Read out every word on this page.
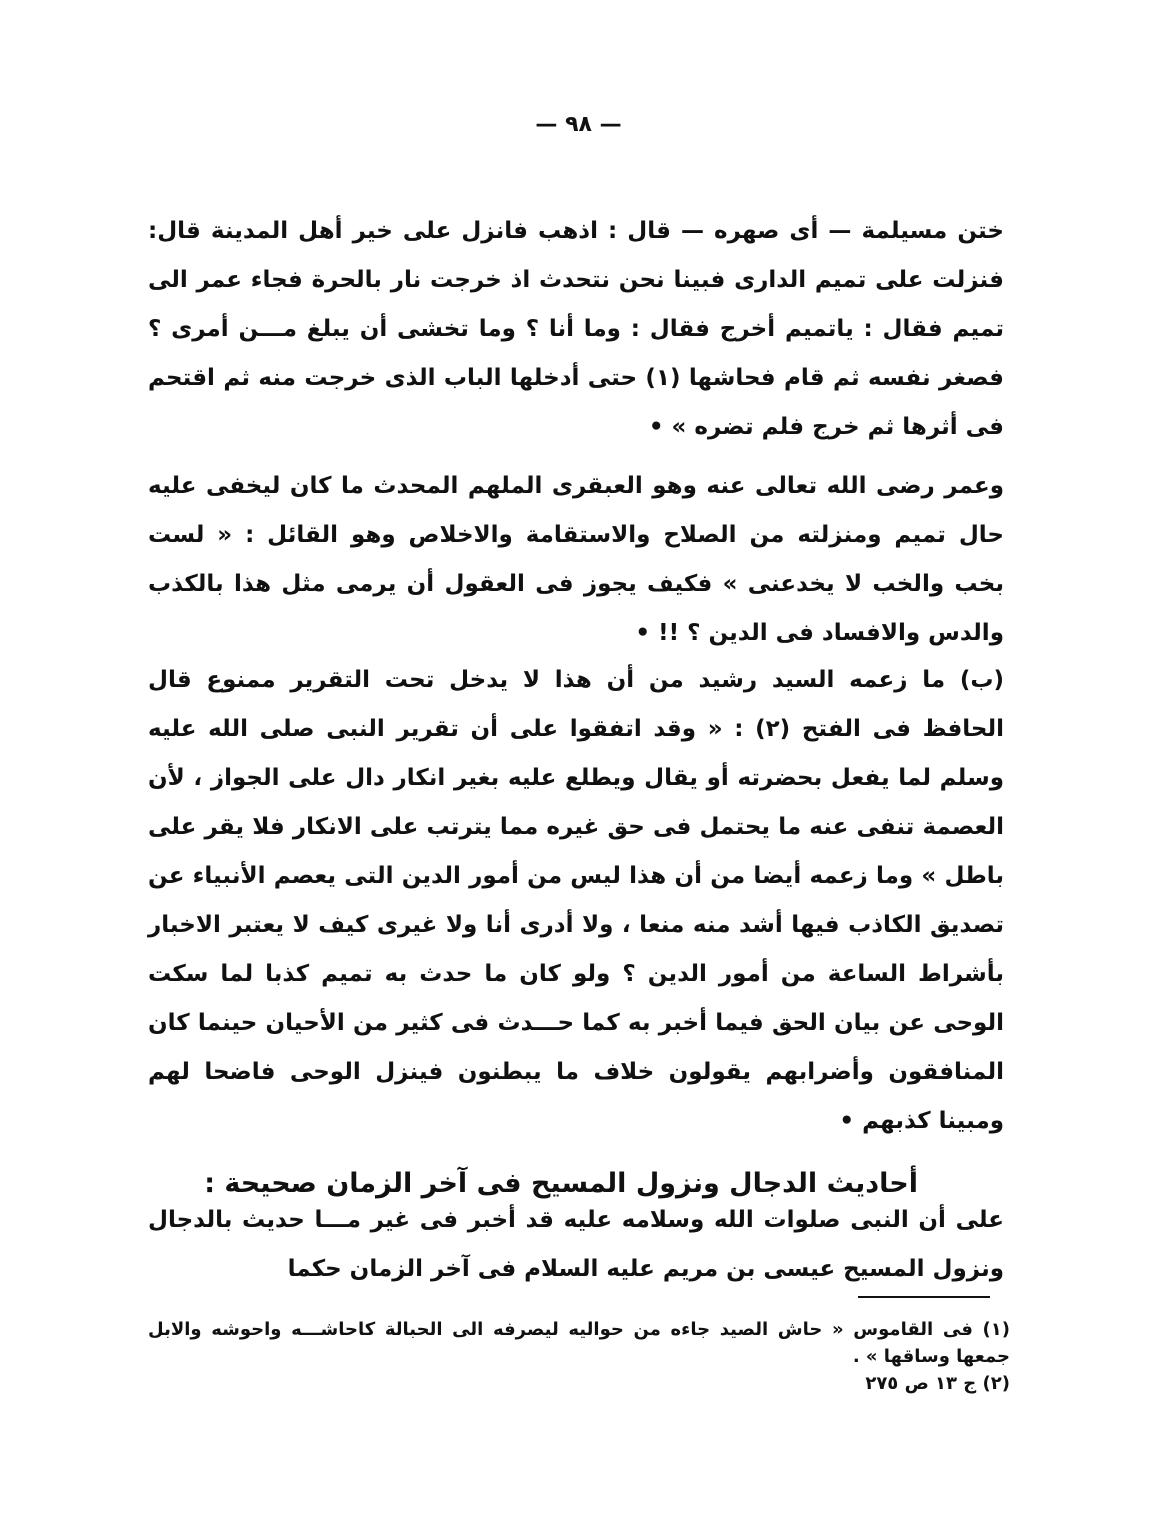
— ٩٨ —

ختن مسيلمة — أى صهره — قال : اذهب فانزل على خير أهل المدينة قال: فنزلت على تميم الدارى فبينا نحن نتحدث اذ خرجت نار بالحرة فجاء عمر الى تميم فقال : ياتميم أخرج فقال : وما أنا ؟ وما تخشى أن يبلغ مـــن أمرى ؟ فصغر نفسه ثم قام فحاشها (١) حتى أدخلها الباب الذى خرجت منه ثم اقتحم فى أثرها ثم خرج فلم تضره » •

وعمر رضى الله تعالى عنه وهو العبقرى الملهم المحدث ما كان ليخفى عليه حال تميم ومنزلته من الصلاح والاستقامة والاخلاص وهو القائل : « لست بخب والخب لا يخدعنى » فكيف يجوز فى العقول أن يرمى مثل هذا بالكذب والدس والافساد فى الدين ؟ !! •

(ب) ما زعمه السيد رشيد من أن هذا لا يدخل تحت التقرير ممنوع قال الحافظ فى الفتح (٢) : « وقد اتفقوا على أن تقرير النبى صلى الله عليه وسلم لما يفعل بحضرته أو يقال ويطلع عليه بغير انكار دال على الجواز ، لأن العصمة تنفى عنه ما يحتمل فى حق غيره مما يترتب على الانكار فلا يقر على باطل » وما زعمه أيضا من أن هذا ليس من أمور الدين التى يعصم الأنبياء عن تصديق الكاذب فيها أشد منه منعا ، ولا أدرى أنا ولا غيرى كيف لا يعتبر الاخبار بأشراط الساعة من أمور الدين ؟ ولو كان ما حدث به تميم كذبا لما سكت الوحى عن بيان الحق فيما أخبر به كما حـــدث فى كثير من الأحيان حينما كان المنافقون وأضرابهم يقولون خلاف ما يبطنون فينزل الوحى فاضحا لهم ومبينا كذبهم •

أحاديث الدجال ونزول المسيح فى آخر الزمان صحيحة :

على أن النبى صلوات الله وسلامه عليه قد أخبر فى غير مـــا حديث بالدجال ونزول المسيح عيسى بن مريم عليه السلام فى آخر الزمان حكما

(١) فى القاموس « حاش الصيد جاءه من حواليه ليصرفه الى الحبالة كاحاشـــه واحوشه والابل جمعها وساقها » .

(٢) ج ١٣ ص ٢٧٥
